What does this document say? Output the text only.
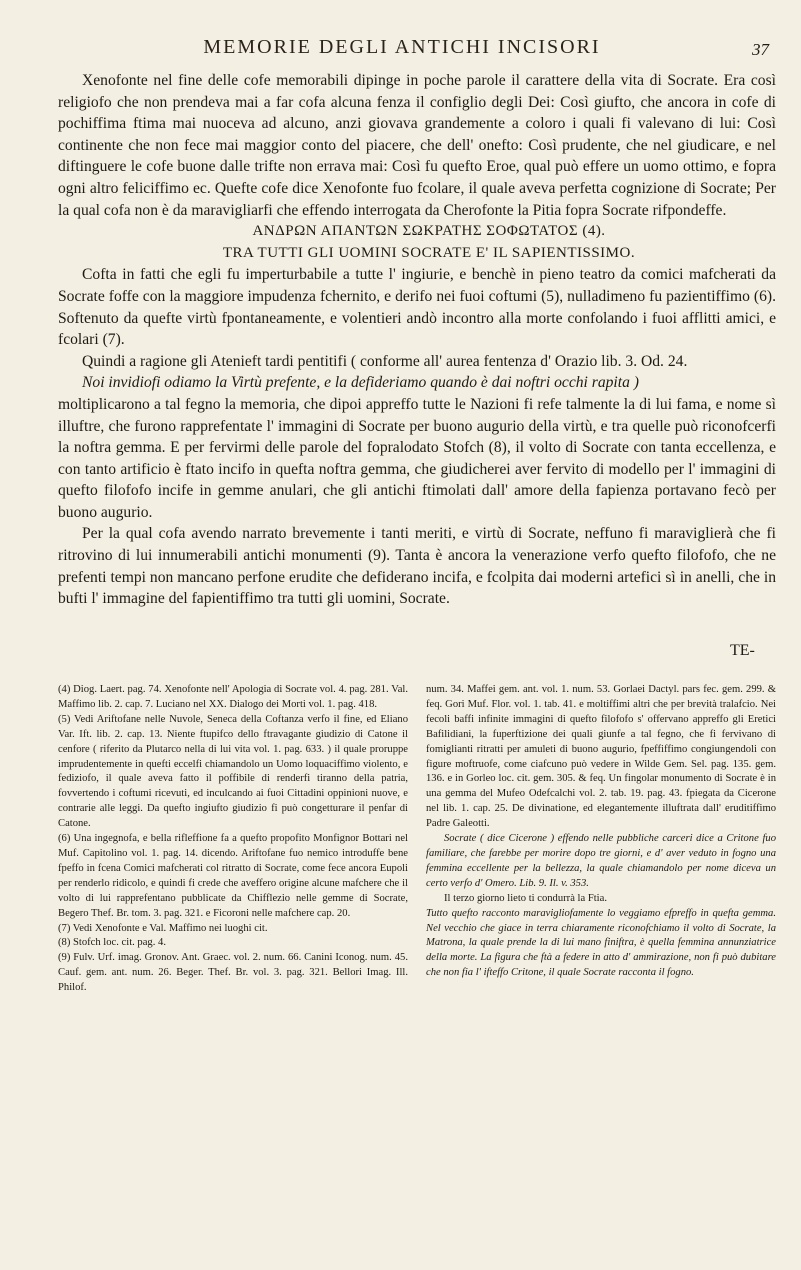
MEMORIE DEGLI ANTICHI INCISORI	37

Xenofonte nel fine delle cofe memorabili dipinge in poche parole il carattere della vita di Socrate. Era così religiofo che non prendeva mai a far cofa alcuna fenza il configlio degli Dei: Così giufto, che ancora in cofe di pochiffima ftima mai nuoceva ad alcuno, anzi giovava grandemente a coloro i quali fi valevano di lui: Così continente che non fece mai maggior conto del piacere, che dell' onefto: Così prudente, che nel giudicare, e nel diftinguere le cofe buone dalle trifte non errava mai: Così fu quefto Eroe, qual può effere un uomo ottimo, e fopra ogni altro feliciffimo ec. Quefte cofe dice Xenofonte fuo fcolare, il quale aveva perfetta cognizione di Socrate; Per la qual cofa non è da maravigliarfi che effendo interrogata da Cherofonte la Pitia fopra Socrate rifpondeffe.

ΑΝΔΡΩΝ ΑΠΑΝΤΩΝ ΣΩΚΡΑΤΗΣ ΣΟΦΩΤΑΤΟΣ (4).

TRA TUTTI GLI UOMINI SOCRATE E' IL SAPIENTISSIMO.

Cofta in fatti che egli fu imperturbabile a tutte l' ingiurie, e benchè in pieno teatro da comici mafcherati da Socrate foffe con la maggiore impudenza fchernito, e derifo nei fuoi coftumi (5), nulladimeno fu pazientiffimo (6). Softenuto da quefte virtù fpontaneamente, e volentieri andò incontro alla morte confolando i fuoi afflitti amici, e fcolari (7).

Quindi a ragione gli Atenieft tardi pentitifi ( conforme all' aurea fentenza d' Orazio lib. 3. Od. 24.

Noi invidiofi odiamo la Virtù prefente, e la defideriamo quando è dai noftri occhi rapita )

moltiplicarono a tal fegno la memoria, che dipoi appreffo tutte le Nazioni fi refe talmente la di lui fama, e nome sì illuftre, che furono rapprefentate l' immagini di Socrate per buono augurio della virtù, e tra quelle può riconofcerfi la noftra gemma. E per fervirmi delle parole del fopralodato Stofch (8), il volto di Socrate con tanta eccellenza, e con tanto artificio è ftato incifo in quefta noftra gemma, che giudicherei aver fervito di modello per l' immagini di quefto filofofo incife in gemme anulari, che gli antichi ftimolati dall' amore della fapienza portavano fecò per buono augurio.

Per la qual cofa avendo narrato brevemente i tanti meriti, e virtù di Socrate, neffuno fi maraviglierà che fi ritrovino di lui innumerabili antichi monumenti (9). Tanta è ancora la venerazione verfo quefto filofofo, che ne prefenti tempi non mancano perfone erudite che defiderano incifa, e fcolpita dai moderni artefici sì in anelli, che in bufti l' immagine del fapientiffimo tra tutti gli uomini, Socrate.

TE-

(4) Diog. Laert. pag. 74. Xenofonte nell' Apologia di Socrate vol. 4. pag. 281. Val. Maffimo lib. 2. cap. 7. Luciano nel XX. Dialogo dei Morti vol. 1. pag. 418.

(5) Vedi Ariftofane nelle Nuvole, Seneca della Coftanza verfo il fine, ed Eliano Var. Ift. lib. 2. cap. 13. Niente ftupifco dello ftravagante giudizio di Catone il cenfore ( riferito da Plutarco nella di lui vita vol. 1. pag. 633. ) il quale proruppe imprudentemente in quefti eccelfi chiamandolo un Uomo loquaciffimo violento, e fediziofo, il quale aveva fatto il poffibile di renderfi tiranno della patria, fovvertendo i coftumi ricevuti, ed inculcando ai fuoi Cittadini oppinioni nuove, e contrarie alle leggi. Da quefto ingiufto giudizio fi può congetturare il penfar di Catone.

(6) Una ingegnofa, e bella rifleffione fa a quefto propofito Monfignor Bottari nel Muf. Capitolino vol. 1. pag. 14. dicendo. Ariftofane fuo nemico introduffe bene fpeffo in fcena Comici mafcherati col ritratto di Socrate, come fece ancora Eupoli per renderlo ridicolo, e quindi fi crede che aveffero origine alcune mafchere che il volto di lui rapprefentano pubblicate da Chifflezio nelle gemme di Socrate, Begero Thef. Br. tom. 3. pag. 321. e Ficoroni nelle mafchere cap. 20.

(7) Vedi Xenofonte e Val. Maffimo nei luoghi cit.

(8) Stofch loc. cit. pag. 4.

(9) Fulv. Urf. imag. Gronov. Ant. Graec. vol. 2. num. 66. Canini Iconog. num. 45. Cauf. gem. ant. num. 26. Beger. Thef. Br. vol. 3. pag. 321. Bellori Imag. Ill. Philof.

num. 34. Maffei gem. ant. vol. 1. num. 53. Gorlaei Dactyl. pars fec. gem. 299. & feq. Gori Muf. Flor. vol. 1. tab. 41. e moltiffimi altri che per brevità tralafcio. Nei fecoli baffi infinite immagini di quefto filofofo s' offervano appreffo gli Eretici Bafilidiani, la fuperftizione dei quali giunfe a tal fegno, che fi fervivano di fomiglianti ritratti per amuleti di buono augurio, fpeffiffimo congiungendoli con figure moftruofe, come ciafcuno può vedere in Wilde Gem. Sel. pag. 135. gem. 136. e in Gorleo loc. cit. gem. 305. & feq. Un fingolar monumento di Socrate è in una gemma del Mufeo Odefcalchi vol. 2. tab. 19. pag. 43. fpiegata da Cicerone nel lib. 1. cap. 25. De divinatione, ed elegantemente illuftrata dall' eruditiffimo Padre Galeotti.

Socrate ( dice Cicerone ) effendo nelle pubbliche carceri dice a Critone fuo familiare, che farebbe per morire dopo tre giorni, e d' aver veduto in fogno una femmina eccellente per la bellezza, la quale chiamandolo per nome diceva un certo verfo d' Omero. Lib. 9. Il. v. 353.

Il terzo giorno lieto ti condurrà la Ftia.

Tutto quefto racconto maravigliofamente lo veggiamo efpreffo in quefta gemma. Nel vecchio che giace in terra chiaramente riconofchiamo il volto di Socrate, la Matrona, la quale prende la di lui mano finiftra, è quella femmina annunziatrice della morte. La figura che ftà a federe in atto d' ammirazione, non fi può dubitare che non fia l' ifteffo Critone, il quale Socrate racconta il fogno.
